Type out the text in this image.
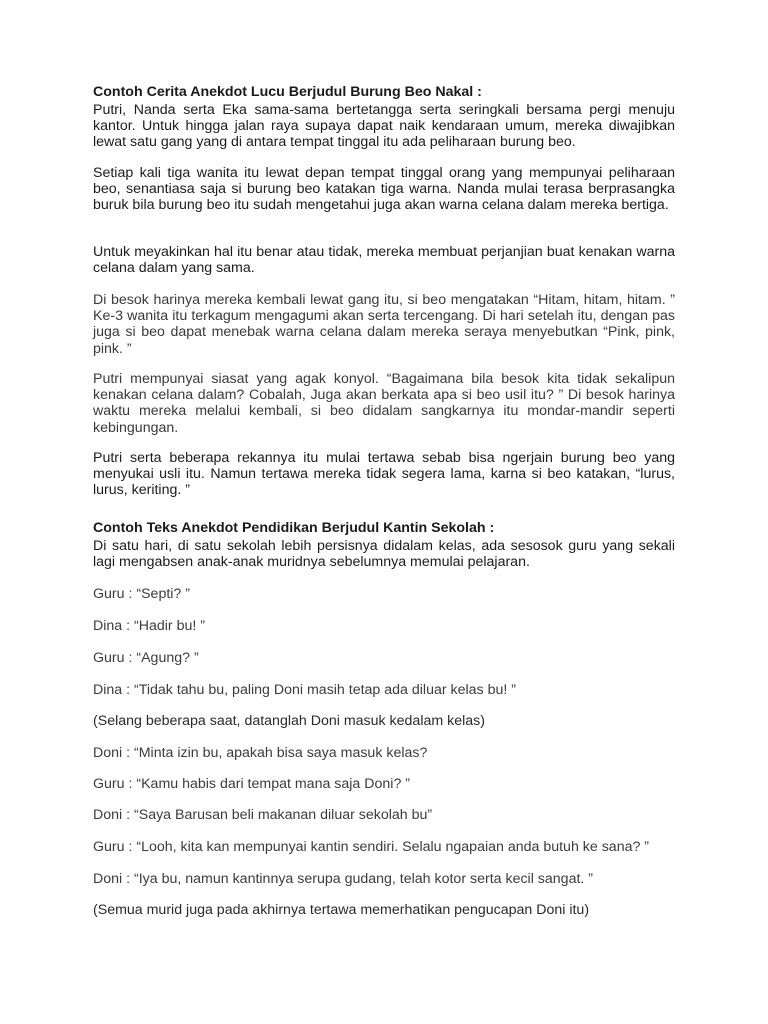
Contoh Cerita Anekdot Lucu Berjudul Burung Beo Nakal :
Putri, Nanda serta Eka sama-sama bertetangga serta seringkali bersama pergi menuju kantor. Untuk hingga jalan raya supaya dapat naik kendaraan umum, mereka diwajibkan lewat satu gang yang di antara tempat tinggal itu ada peliharaan burung beo.
Setiap kali tiga wanita itu lewat depan tempat tinggal orang yang mempunyai peliharaan beo, senantiasa saja si burung beo katakan tiga warna. Nanda mulai terasa berprasangka buruk bila burung beo itu sudah mengetahui juga akan warna celana dalam mereka bertiga.
Untuk meyakinkan hal itu benar atau tidak, mereka membuat perjanjian buat kenakan warna celana dalam yang sama.
Di besok harinya mereka kembali lewat gang itu, si beo mengatakan “Hitam, hitam, hitam. ” Ke-3 wanita itu terkagum mengagumi akan serta tercengang. Di hari setelah itu, dengan pas juga si beo dapat menebak warna celana dalam mereka seraya menyebutkan “Pink, pink, pink. ”
Putri mempunyai siasat yang agak konyol. “Bagaimana bila besok kita tidak sekalipun kenakan celana dalam? Cobalah, Juga akan berkata apa si beo usil itu? ” Di besok harinya waktu mereka melalui kembali, si beo didalam sangkarnya itu mondar-mandir seperti kebingungan.
Putri serta beberapa rekannya itu mulai tertawa sebab bisa ngerjain burung beo yang menyukai usli itu. Namun tertawa mereka tidak segera lama, karna si beo katakan, “lurus, lurus, keriting. ”
Contoh Teks Anekdot Pendidikan Berjudul Kantin Sekolah :
Di satu hari, di satu sekolah lebih persisnya didalam kelas, ada sesosok guru yang sekali lagi mengabsen anak-anak muridnya sebelumnya memulai pelajaran.
Guru : “Septi? ”
Dina : “Hadir bu! ”
Guru : “Agung? ”
Dina : “Tidak tahu bu, paling Doni masih tetap ada diluar kelas bu! ”
(Selang beberapa saat, datanglah Doni masuk kedalam kelas)
Doni : “Minta izin bu, apakah bisa saya masuk kelas?
Guru : “Kamu habis dari tempat mana saja Doni? ”
Doni : “Saya Barusan beli makanan diluar sekolah bu”
Guru : “Looh, kita kan mempunyai kantin sendiri. Selalu ngapaian anda butuh ke sana? ”
Doni : “Iya bu, namun kantinnya serupa gudang, telah kotor serta kecil sangat. ”
(Semua murid juga pada akhirnya tertawa memerhatikan pengucapan Doni itu)
